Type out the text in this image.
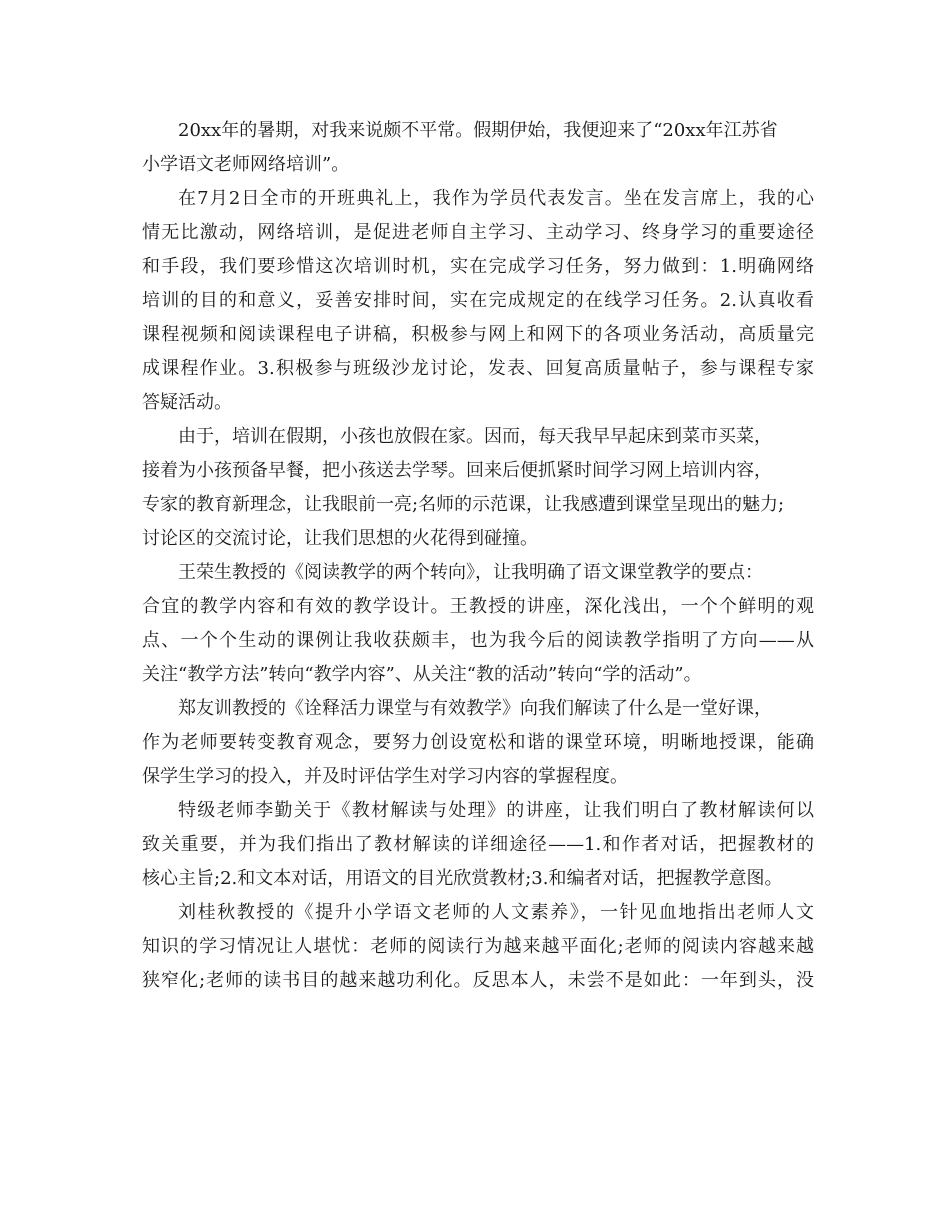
20xx年的暑期，对我来说颇不平常。假期伊始，我便迎来了“20xx年江苏省
小学语文老师网络培训”。
在7月2日全市的开班典礼上，我作为学员代表发言。坐在发言席上，我的心
情无比激动，网络培训，是促进老师自主学习、主动学习、终身学习的重要途径
和手段，我们要珍惜这次培训时机，实在完成学习任务，努力做到：1.明确网络
培训的目的和意义，妥善安排时间，实在完成规定的在线学习任务。2.认真收看
课程视频和阅读课程电子讲稿，积极参与网上和网下的各项业务活动，高质量完
成课程作业。3.积极参与班级沙龙讨论，发表、回复高质量帖子，参与课程专家
答疑活动。
由于，培训在假期，小孩也放假在家。因而，每天我早早起床到菜市买菜，
接着为小孩预备早餐，把小孩送去学琴。回来后便抓紧时间学习网上培训内容，
专家的教育新理念，让我眼前一亮;名师的示范课，让我感遭到课堂呈现出的魅力;
讨论区的交流讨论，让我们思想的火花得到碰撞。
王荣生教授的《阅读教学的两个转向》，让我明确了语文课堂教学的要点：
合宜的教学内容和有效的教学设计。王教授的讲座，深化浅出，一个个鲜明的观
点、一个个生动的课例让我收获颇丰，也为我今后的阅读教学指明了方向——从
关注“教学方法”转向“教学内容”、从关注“教的活动”转向“学的活动”。
郑友训教授的《诠释活力课堂与有效教学》向我们解读了什么是一堂好课，
作为老师要转变教育观念，要努力创设宽松和谐的课堂环境，明晰地授课，能确
保学生学习的投入，并及时评估学生对学习内容的掌握程度。
特级老师李勤关于《教材解读与处理》的讲座，让我们明白了教材解读何以
致关重要，并为我们指出了教材解读的详细途径——1.和作者对话，把握教材的
核心主旨;2.和文本对话，用语文的目光欣赏教材;3.和编者对话，把握教学意图。
刘桂秋教授的《提升小学语文老师的人文素养》，一针见血地指出老师人文
知识的学习情况让人堪忧：老师的阅读行为越来越平面化;老师的阅读内容越来越
狭窄化;老师的读书目的越来越功利化。反思本人，未尝不是如此：一年到头，没
